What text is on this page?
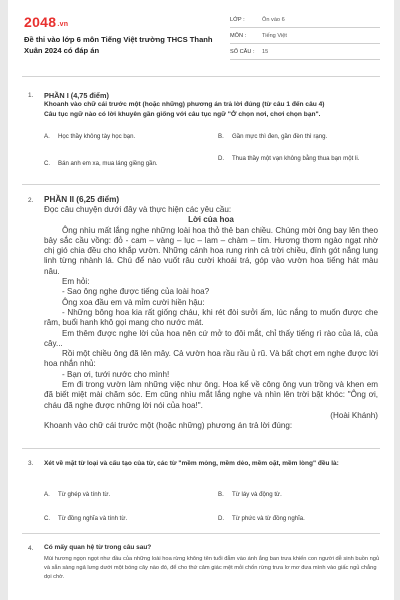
2048.vn
Đề thi vào lớp 6 môn Tiếng Việt trường THCS Thanh Xuân 2024 có đáp án
LỚP :	Ôn vào 6
MÔN :	Tiếng Việt
SỐ CÂU :	15
1. PHẦN I (4,75 điểm)
Khoanh vào chữ cái trước một (hoặc những) phương án trả lời đúng (từ câu 1 đến câu 4)
Câu tục ngữ nào có lời khuyên gần giống với câu tục ngữ "Ở chọn nơi, chơi chọn bạn".
A.	Học thầy không tày học bạn.	B.	Gần mực thì đen, gần đèn thì rạng.
C.	Bán anh em xa, mua láng giềng gần.
D.	Thua thầy một vạn không bằng thua bạn một li.
2. PHẦN II (6,25 điểm)

Đọc câu chuyện dưới đây và thực hiện các yêu cầu:

Lời của hoa

Ông nhìu mất lắng nghe những loài hoa thỏ thẻ ban chiều. Chúng mời ông bay lên theo bảy sắc cầu vồng: đỏ - cam – vàng – lục – lam – chàm – tím. Hương thơm ngào ngạt nhờ chị gió chia đều cho khắp vườn. Những cánh hoa rung rinh cả trời chiều, đính gót nắng lung linh từng nhành lá. Chú để nào vuốt râu cười khoái trá, góp vào vườn hoa tiếng hát màu nâu.

Em hỏi:

- Sao ông nghe được tiếng của loài hoa?

Ông xoa đầu em và mỉm cười hiền hậu:

- Những bông hoa kia rất giống cháu, khi rét đòi sưởi ấm, lúc nắng to muốn được che râm, buổi hanh khô gọi mang cho nước mát.

Em thêm được nghe lời của hoa nên cứ mở to đôi mắt, chỉ thấy tiếng rì rào của lá, của cây...

Rồi một chiều ông đã lên mây. Cả vườn hoa rầu rầu ủ rũ. Và bất chợt em nghe được lời hoa nhắn nhủ:

- Bạn ơi, tưới nước cho mình!

Em đi trong vườn làm những việc như ông. Hoa kể về công ông vun trồng và khen em đã biết miệt mài chăm sóc. Em cũng nhìu mắt lắng nghe và nhìn lên trời bật khóc: "Ông ơi, cháu đã nghe được những lời nói của hoa!".

(Hoài Khánh)

Khoanh vào chữ cái trước một (hoặc những) phương án trả lời đúng:

3. Xét về mặt từ loại và cấu tạo của từ, các từ "mềm mỏng, mềm dẻo, mềm oặt, mềm lòng" đều là:
A.	Từ ghép và tính từ.	B.	Từ láy và động từ.
C.	Từ đồng nghĩa và tính từ.	D.	Từ phức và từ đồng nghĩa.
4. Có mấy quan hệ từ trong câu sau?
Mùi hương ngọn ngọt như đầu của những loài hoa rừng không tên tuổi đẫm vào ánh ắng ban trưa khiến con người dễ sinh buồn ngủ và sẵn sàng ngả lưng dưới một bóng cây nào đó, để cho thứ cảm giác mệt mỏi chốn rừng trưa lơ mơ đưa mình vào giấc ngủ chẳng dọi chờ.
